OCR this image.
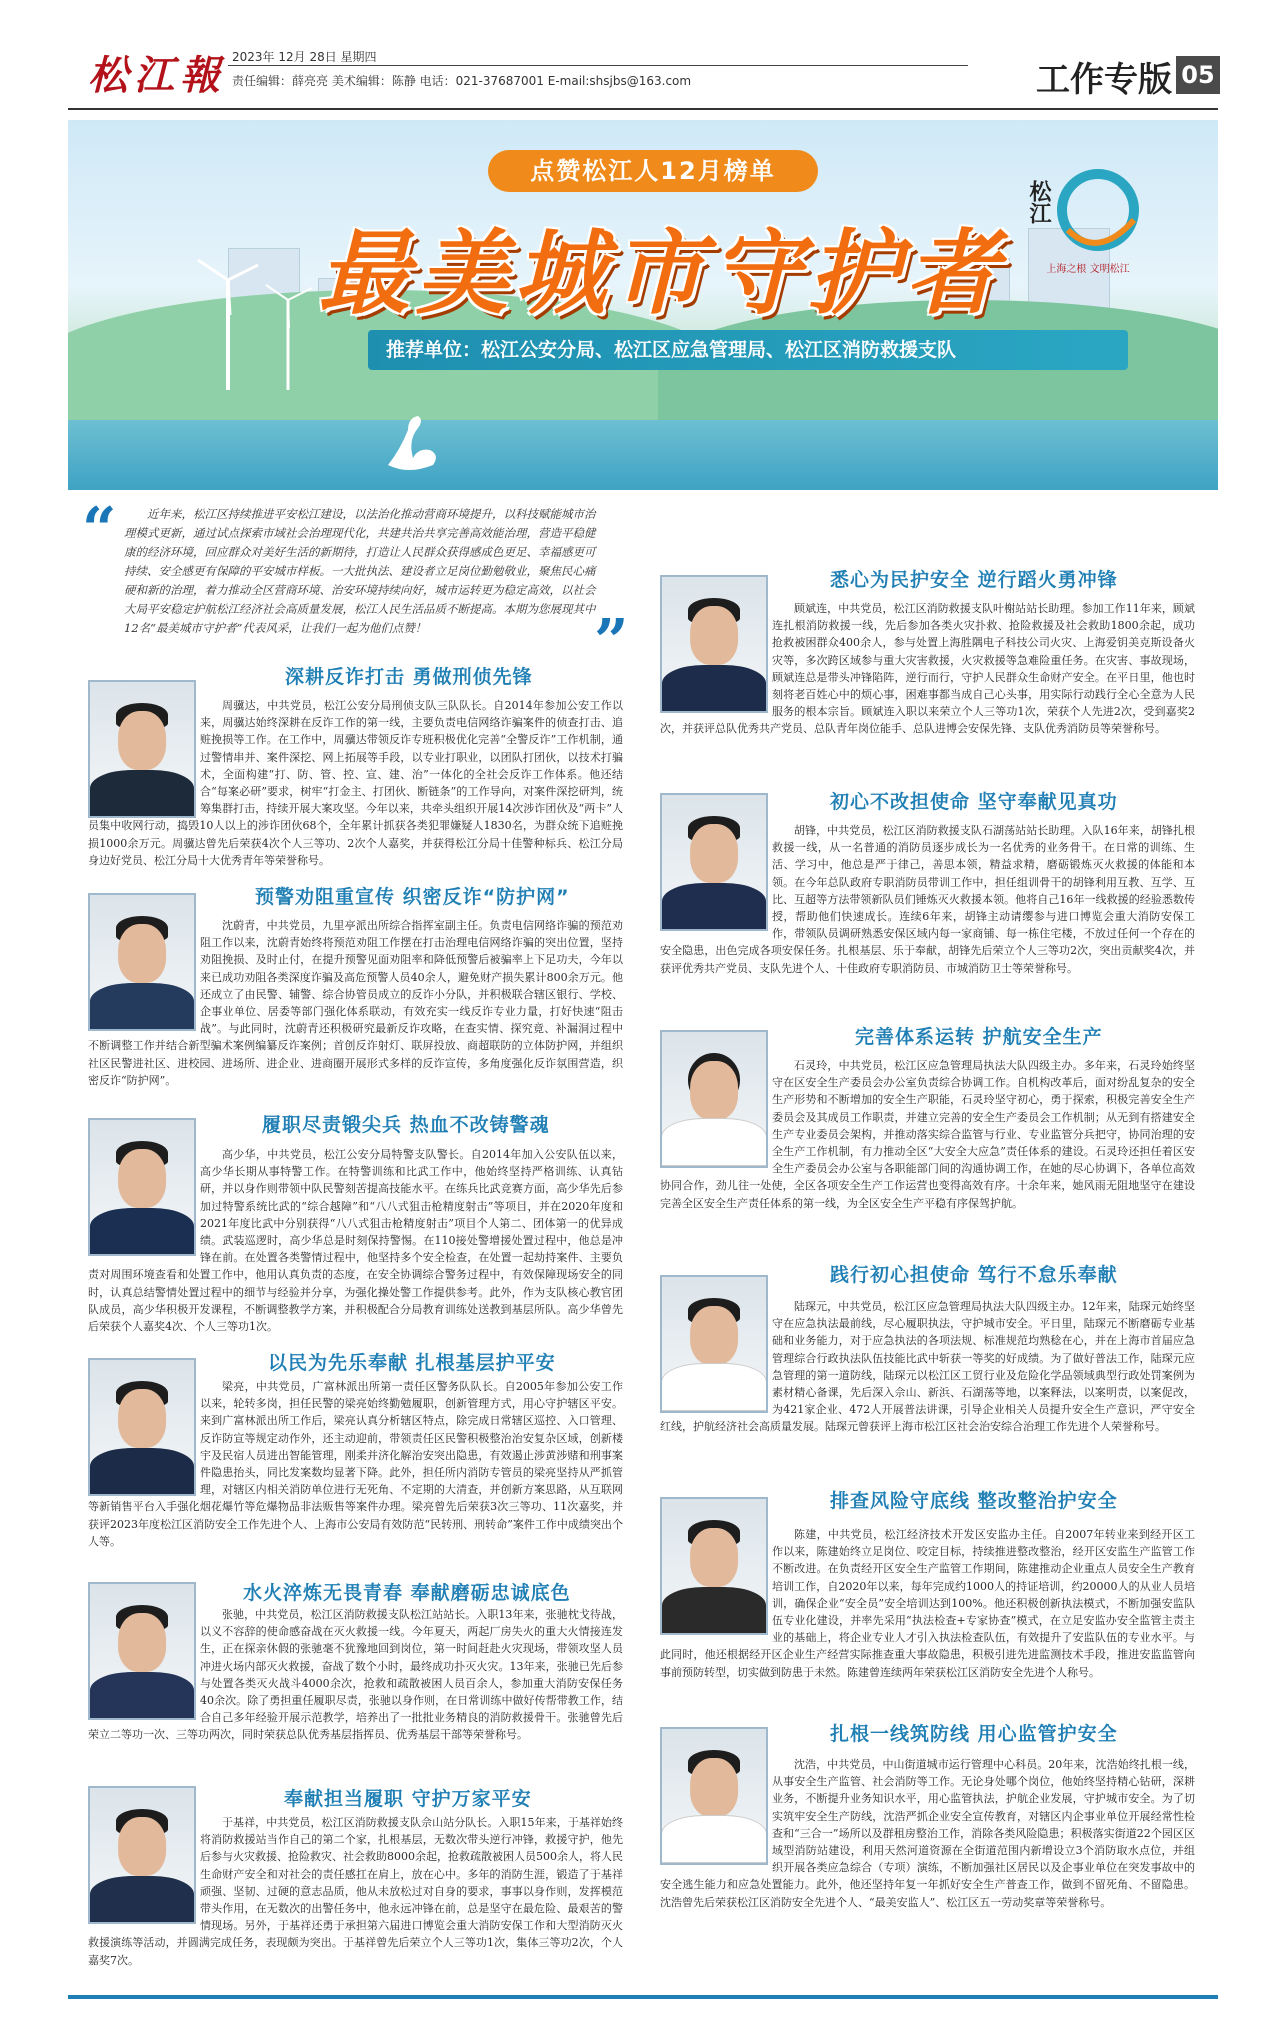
松江報 2023年 12月 28日 星期四
责任编辑：薛亮亮 美术编辑：陈静 电话：021-37687001 E-mail:shsjbs@163.com	工作专版 05
点赞松江人12月榜单
最美城市守护者
推荐单位：松江公安分局、松江区应急管理局、松江区消防救援支队
松江
上海之根 文明松江
“	近年来，松江区持续推进平安松江建设，以法治化推动营商环境提升，以科技赋能城市治理模式更新，通过试点探索市域社会治理现代化，共建共治共享完善高效能治理，营造平稳健康的经济环境，回应群众对美好生活的新期待，打造让人民群众获得感成色更足、幸福感更可持续、安全感更有保障的平安城市样板。一大批执法、建设者立足岗位勤勉敬业，聚焦民心痛硬和新的治理，着力推动全区营商环境、治安环境持续向好，城市运转更为稳定高效，以社会大局平安稳定护航松江经济社会高质量发展，松江人民生活品质不断提高。本期为您展现其中12名“最美城市守护者”代表风采，让我们一起为他们点赞！	”
深耕反诈打击 勇做刑侦先锋
周骥达，中共党员，松江公安分局刑侦支队三队队长。自2014年参加公安工作以来，周骥达始终深耕在反诈工作的第一线，主要负责电信网络诈骗案件的侦查打击、追赃挽损等工作。在工作中，周骥达带领反诈专班积极优化完善“全警反诈”工作机制，通过警情串并、案件深挖、网上拓展等手段，以专业打职业，以团队打团伙，以技术打骗术，全面构建“打、防、管、控、宣、建、治”一体化的全社会反诈工作体系。他还结合“每案必研”要求，树牢“打金主、打团伙、断链条”的工作导向，对案件深挖研判，统筹集群打击，持续开展大案攻坚。今年以来，共牵头组织开展14次涉诈团伙及“两卡”人员集中收网行动，捣毁10人以上的涉诈团伙68个，全年累计抓获各类犯罪嫌疑人1830名，为群众统下追赃挽损1000余万元。周骥达曾先后荣获4次个人三等功、2次个人嘉奖，并获得松江分局十佳警种标兵、松江分局身边好党员、松江分局十大优秀青年等荣誉称号。
预警劝阻重宣传 织密反诈“防护网”
沈蔚青，中共党员，九里亭派出所综合指挥室副主任。负责电信网络诈骗的预范劝阻工作以来，沈蔚青始终将预范劝阻工作摆在打击治理电信网络诈骗的突出位置，坚持劝阻挽损、及时止付，在提升预警见面劝阻率和降低预警后被骗率上下足功夫，今年以来已成功劝阻各类深度诈骗及高危预警人员40余人，避免财产损失累计800余万元。他还成立了由民警、辅警、综合协管员成立的反诈小分队，并积极联合辖区银行、学校、企事业单位、居委等部门强化体系联动，有效充实一线反诈专业力量，打好快速“阻击战”。与此同时，沈蔚青还积极研究最新反诈攻略，在查实情、探究竟、补漏洞过程中不断调整工作并结合新型骗术案例编纂反诈案例；首创反诈射灯、联屏投放、商超联防的立体防护网，并组织社区民警进社区、进校园、进场所、进企业、进商圈开展形式多样的反诈宣传，多角度强化反诈氛围营造，织密反诈“防护网”。
履职尽责锻尖兵 热血不改铸警魂
高少华，中共党员，松江公安分局特警支队警长。自2014年加入公安队伍以来，高少华长期从事特警工作。在特警训练和比武工作中，他始终坚持严格训练、认真钻研，并以身作则带领中队民警刻苦提高技能水平。在练兵比武竞赛方面，高少华先后参加过特警系统比武的“综合越障”和“八八式狙击枪精度射击”等项目，并在2020年度和2021年度比武中分别获得“八八式狙击枪精度射击”项目个人第二、团体第一的优异成绩。武装巡逻时，高少华总是时刻保持警惕。在110接处警增援处置过程中，他总是冲锋在前。在处置各类警情过程中，他坚持多个安全检查，在处置一起劫持案件、主要负责对周围环境查看和处置工作中，他用认真负责的态度，在安全协调综合警务过程中，有效保障现场安全的同时，认真总结警情处置过程中的细节与经验并分享，为强化操处警工作提供参考。此外，作为支队核心教官团队成员，高少华积极开发课程，不断调整教学方案，并积极配合分局教育训练处送教到基层所队。高少华曾先后荣获个人嘉奖4次、个人三等功1次。
以民为先乐奉献 扎根基层护平安
梁亮，中共党员，广富林派出所第一责任区警务队队长。自2005年参加公安工作以来，轮转多岗，担任民警的梁亮始终勤勉履职，创新管理方式，用心守护辖区平安。来到广富林派出所工作后，梁亮认真分析辖区特点，除完成日常辖区巡控、入口管理、反诈防宣等规定动作外，还主动迎前，带领责任区民警积极整治治安复杂区域，创新楼宇及民宿人员进出智能管理，刚柔并济化解治安突出隐患，有效遏止涉黄涉赌和刑事案件隐患抬头，同比发案数均显著下降。此外，担任所内消防专管员的梁亮坚持从严抓管理，对辖区内相关消防单位进行无死角、不定期的大清查，并创新方案思路，从互联网等新销售平台入手强化烟花爆竹等危爆物品非法贩售等案件办理。梁亮曾先后荣获3次三等功、11次嘉奖，并获评2023年度松江区消防安全工作先进个人、上海市公安局有效防范“民转刑、刑转命”案件工作中成绩突出个人等。
水火淬炼无畏青春 奉献磨砺忠诚底色
张驰，中共党员，松江区消防救援支队松江站站长。入职13年来，张驰枕戈待战，以义不容辞的使命感奋战在灭火救援一线。今年夏天，两起厂房失火的重大火情接连发生，正在探亲休假的张驰毫不犹豫地回到岗位，第一时间赶赴火灾现场，带领攻坚人员冲进火场内部灭火救援，奋战了数个小时，最终成功扑灭火灾。13年来，张驰已先后参与处置各类灭火战斗4000余次，抢救和疏散被困人员百余人，参加重大消防安保任务40余次。除了勇担重任履职尽责，张驰以身作则，在日常训练中做好传帮带教工作，结合自己多年经验开展示范教学，培养出了一批批业务精良的消防救援骨干。张驰曾先后荣立二等功一次、三等功两次，同时荣获总队优秀基层指挥员、优秀基层干部等荣誉称号。
奉献担当履职 守护万家平安
于基祥，中共党员，松江区消防救援支队佘山站分队长。入职15年来，于基祥始终将消防救援站当作自己的第二个家，扎根基层，无数次带头逆行冲锋，救援守护，他先后参与火灾救援、抢险救灾、社会救助8000余起，抢救疏散被困人员500余人，将人民生命财产安全和对社会的责任感扛在肩上，放在心中。多年的消防生涯，锻造了于基祥顽强、坚韧、过硬的意志品质，他从未放松过对自身的要求，事事以身作则，发挥模范带头作用，在无数次的出警任务中，他永远冲锋在前，总是坚守在最危险、最艰苦的警情现场。另外，于基祥还勇于承担第六届进口博览会重大消防安保工作和大型消防灭火救援演练等活动，并圆满完成任务，表现颇为突出。于基祥曾先后荣立个人三等功1次，集体三等功2次，个人嘉奖7次。
悉心为民护安全 逆行蹈火勇冲锋
顾斌连，中共党员，松江区消防救援支队叶榭站站长助理。参加工作11年来，顾斌连扎根消防救援一线，先后参加各类火灾扑救、抢险救援及社会救助1800余起，成功抢救被困群众400余人，参与处置上海胜隅电子科技公司火灾、上海爱钥美克斯设备火灾等，多次跨区域参与重大灾害救援，火灾救援等急难险重任务。在灾害、事故现场，顾斌连总是带头冲锋陷阵，逆行而行，守护人民群众生命财产安全。在平日里，他也时刻将老百姓心中的烦心事，困难事都当成自己心头事，用实际行动践行全心全意为人民服务的根本宗旨。顾斌连入职以来荣立个人三等功1次，荣获个人先进2次，受到嘉奖2次，并获评总队优秀共产党员、总队青年岗位能手、总队进博会安保先锋、支队优秀消防员等荣誉称号。
初心不改担使命 坚守奉献见真功
胡锋，中共党员，松江区消防救援支队石湖荡站站长助理。入队16年来，胡锋扎根救援一线，从一名普通的消防员逐步成长为一名优秀的业务骨干。在日常的训练、生活、学习中，他总是严于律己，善思本领，精益求精，磨砺锻炼灭火救援的体能和本领。在今年总队政府专职消防员带训工作中，担任组训骨干的胡锋利用互教、互学、互比、互超等方法带领新队员们锤炼灭火救援本领。他将自己16年一线救援的经验悉数传授，帮助他们快速成长。连续6年来，胡锋主动请缨参与进口博览会重大消防安保工作，带领队员调研熟悉安保区域内每一家商铺、每一栋住宅楼，不放过任何一个存在的安全隐患，出色完成各项安保任务。扎根基层、乐于奉献，胡锋先后荣立个人三等功2次，突出贡献奖4次，并获评优秀共产党员、支队先进个人、十佳政府专职消防员、市城消防卫士等荣誉称号。
完善体系运转 护航安全生产
石灵玲，中共党员，松江区应急管理局执法大队四级主办。多年来，石灵玲始终坚守在区安全生产委员会办公室负责综合协调工作。自机构改革后，面对纷乱复杂的安全生产形势和不断增加的安全生产职能，石灵玲坚守初心，勇于探索，积极完善安全生产委员会及其成员工作职责，并建立完善的安全生产委员会工作机制；从无到有搭建安全生产专业委员会架构，并推动落实综合监管与行业、专业监管分兵把守，协同治理的安全生产工作机制，有力推动全区“大安全大应急”责任体系的建设。石灵玲还担任着区安全生产委员会办公室与各职能部门间的沟通协调工作，在她的尽心协调下，各单位高效协同合作，劲儿往一处使，全区各项安全生产工作运营也变得高效有序。十余年来，她风雨无阻地坚守在建设完善全区安全生产责任体系的第一线，为全区安全生产平稳有序保驾护航。
践行初心担使命 笃行不怠乐奉献
陆琛元，中共党员，松江区应急管理局执法大队四级主办。12年来，陆琛元始终坚守在应急执法最前线，尽心履职执法，守护城市安全。平日里，陆琛元不断磨砺专业基础和业务能力，对于应急执法的各项法规、标准规范均熟稔在心，并在上海市首届应急管理综合行政执法队伍技能比武中斩获一等奖的好成绩。为了做好普法工作，陆琛元应急管理的第一道防线，陆琛元以松江区工贸行业及危险化学品领域典型行政处罚案例为素材精心备课，先后深入佘山、新浜、石湖荡等地，以案释法，以案明责，以案促改，为421家企业、472人开展普法讲课，引导企业相关人员提升安全生产意识，严守安全红线，护航经济社会高质量发展。陆琛元曾获评上海市松江区社会治安综合治理工作先进个人荣誉称号。
排查风险守底线 整改整治护安全
陈建，中共党员，松江经济技术开发区安监办主任。自2007年转业来到经开区工作以来，陈建始终立足岗位、咬定目标，持续推进整改整治，经开区安监生产监管工作不断改进。在负责经开区安全生产监管工作期间，陈建推动企业重点人员安全生产教育培训工作，自2020年以来，每年完成约1000人的持证培训，约20000人的从业人员培训，确保企业“安全员”安全培训达到100%。他还积极创新执法模式，不断加强安监队伍专业化建设，并率先采用“执法检查+专家协查”模式，在立足安监办安全监管主责主业的基础上，将企业专业人才引入执法检查队伍，有效提升了安监队伍的专业水平。与此同时，他还根据经开区企业生产经营实际推查重大事故隐患，积极引进先进监测技术手段，推进安监监管向事前预防转型，切实做到防患于未然。陈建曾连续两年荣获松江区消防安全先进个人称号。
扎根一线筑防线 用心监管护安全
沈浩，中共党员，中山街道城市运行管理中心科员。20年来，沈浩始终扎根一线，从事安全生产监管、社会消防等工作。无论身处哪个岗位，他始终坚持精心钻研，深耕业务，不断提升业务知识水平，用心监管执法，护航企业发展，守护城市安全。为了切实筑牢安全生产防线，沈浩严抓企业安全宣传教育，对辖区内企事业单位开展经常性检查和“三合一”场所以及群租房整治工作，消除各类风险隐患；积极落实街道22个园区区域型消防站建设，利用天然河道资源在全街道范围内新增设立3个消防取水点位，并组织开展各类应急综合（专项）演练，不断加强社区居民以及企事业单位在突发事故中的安全逃生能力和应急处置能力。此外，他还坚持年复一年抓好安全生产普查工作，做到不留死角、不留隐患。沈浩曾先后荣获松江区消防安全先进个人、“最美安监人”、松江区五一劳动奖章等荣誉称号。
